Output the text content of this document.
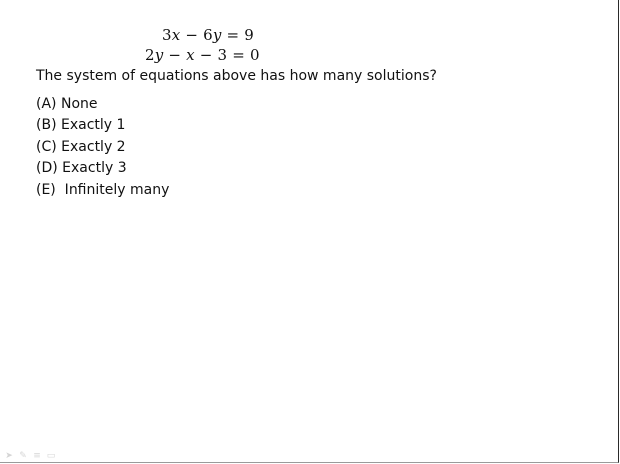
3x − 6y = 9
2y − x − 3 = 0
The system of equations above has how many solutions?
(A) None
(B) Exactly 1
(C) Exactly 2
(D) Exactly 3
(E)  Infinitely many
➤ ✎ ≡ ▭
